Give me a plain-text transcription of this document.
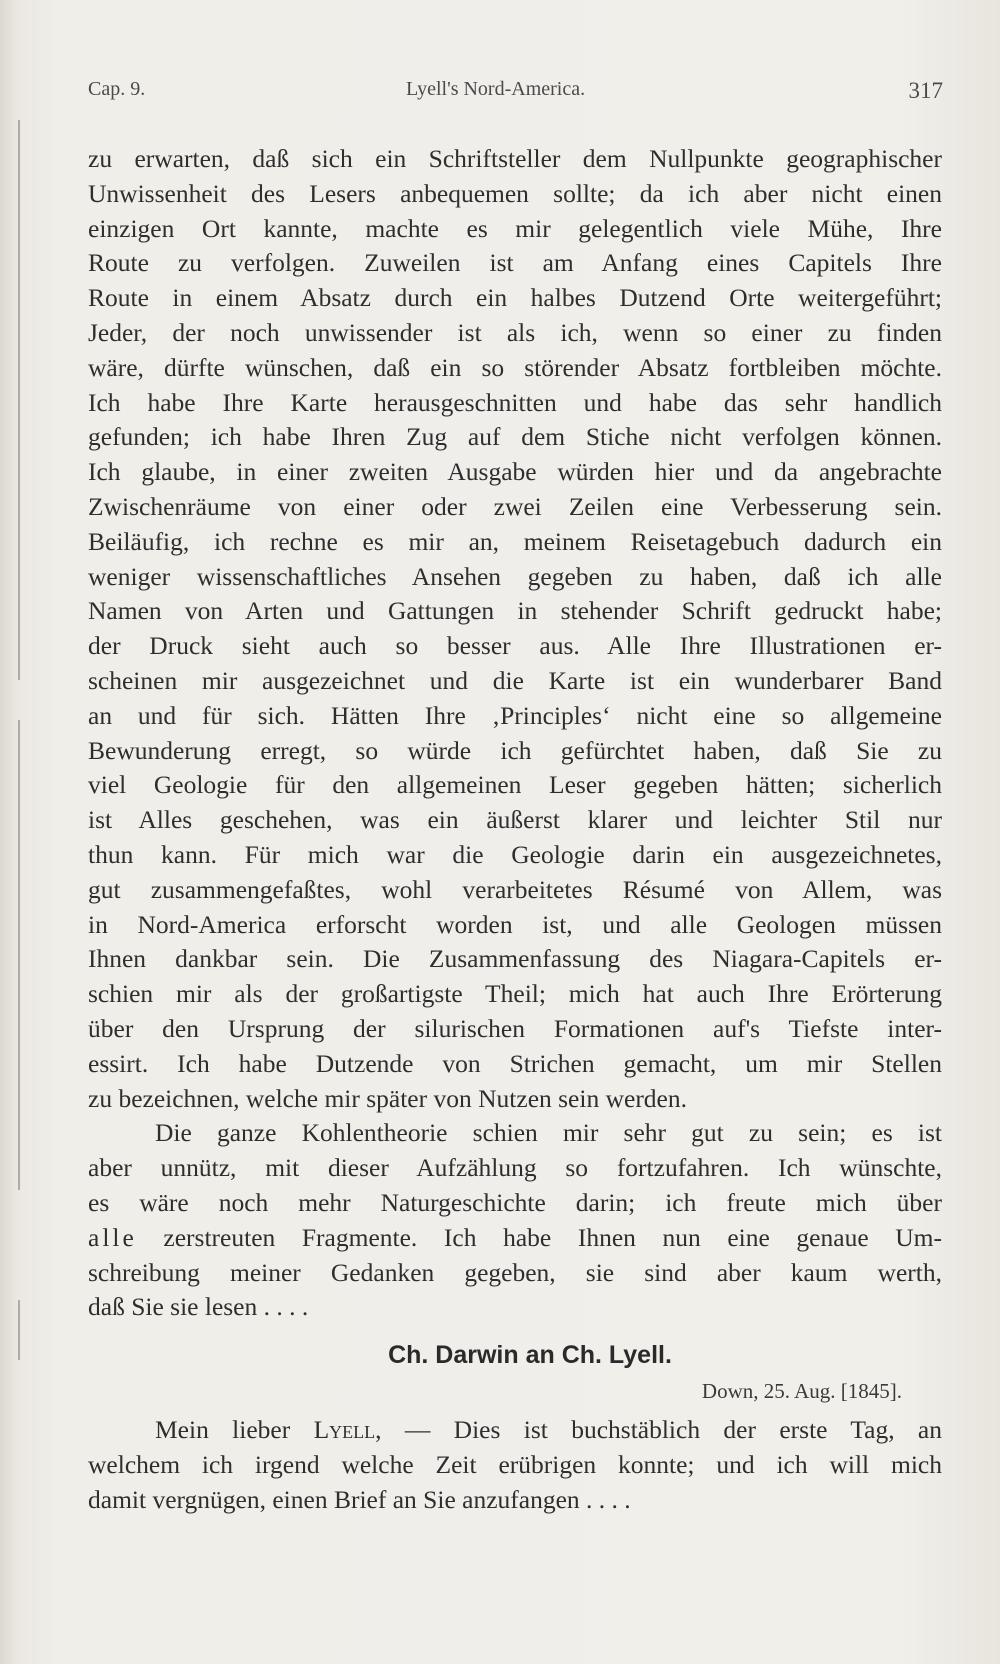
Cap. 9.	Lyell's Nord-America.	317
zu erwarten, daß sich ein Schriftsteller dem Nullpunkte geographischer
Unwissenheit des Lesers anbequemen sollte; da ich aber nicht einen
einzigen Ort kannte, machte es mir gelegentlich viele Mühe, Ihre
Route zu verfolgen. Zuweilen ist am Anfang eines Capitels Ihre
Route in einem Absatz durch ein halbes Dutzend Orte weitergeführt;
Jeder, der noch unwissender ist als ich, wenn so einer zu finden
wäre, dürfte wünschen, daß ein so störender Absatz fortbleiben möchte.
Ich habe Ihre Karte herausgeschnitten und habe das sehr handlich
gefunden; ich habe Ihren Zug auf dem Stiche nicht verfolgen können.
Ich glaube, in einer zweiten Ausgabe würden hier und da angebrachte
Zwischenräume von einer oder zwei Zeilen eine Verbesserung sein.
Beiläufig, ich rechne es mir an, meinem Reisetagebuch dadurch ein
weniger wissenschaftliches Ansehen gegeben zu haben, daß ich alle
Namen von Arten und Gattungen in stehender Schrift gedruckt habe;
der Druck sieht auch so besser aus. Alle Ihre Illustrationen er-
scheinen mir ausgezeichnet und die Karte ist ein wunderbarer Band
an und für sich. Hätten Ihre ‚Principles‘ nicht eine so allgemeine
Bewunderung erregt, so würde ich gefürchtet haben, daß Sie zu
viel Geologie für den allgemeinen Leser gegeben hätten; sicherlich
ist Alles geschehen, was ein äußerst klarer und leichter Stil nur
thun kann. Für mich war die Geologie darin ein ausgezeichnetes,
gut zusammengefaßtes, wohl verarbeitetes Résumé von Allem, was
in Nord-America erforscht worden ist, und alle Geologen müssen
Ihnen dankbar sein. Die Zusammenfassung des Niagara-Capitels er-
schien mir als der großartigste Theil; mich hat auch Ihre Erörterung
über den Ursprung der silurischen Formationen auf's Tiefste inter-
essirt. Ich habe Dutzende von Strichen gemacht, um mir Stellen
zu bezeichnen, welche mir später von Nutzen sein werden.
Die ganze Kohlentheorie schien mir sehr gut zu sein; es ist
aber unnütz, mit dieser Aufzählung so fortzufahren. Ich wünschte,
es wäre noch mehr Naturgeschichte darin; ich freute mich über
alle zerstreuten Fragmente. Ich habe Ihnen nun eine genaue Um-
schreibung meiner Gedanken gegeben, sie sind aber kaum werth,
daß Sie sie lesen . . . .
Ch. Darwin an Ch. Lyell.
Down, 25. Aug. [1845].
Mein lieber Lyell, — Dies ist buchstäblich der erste Tag, an
welchem ich irgend welche Zeit erübrigen konnte; und ich will mich
damit vergnügen, einen Brief an Sie anzufangen . . . .
